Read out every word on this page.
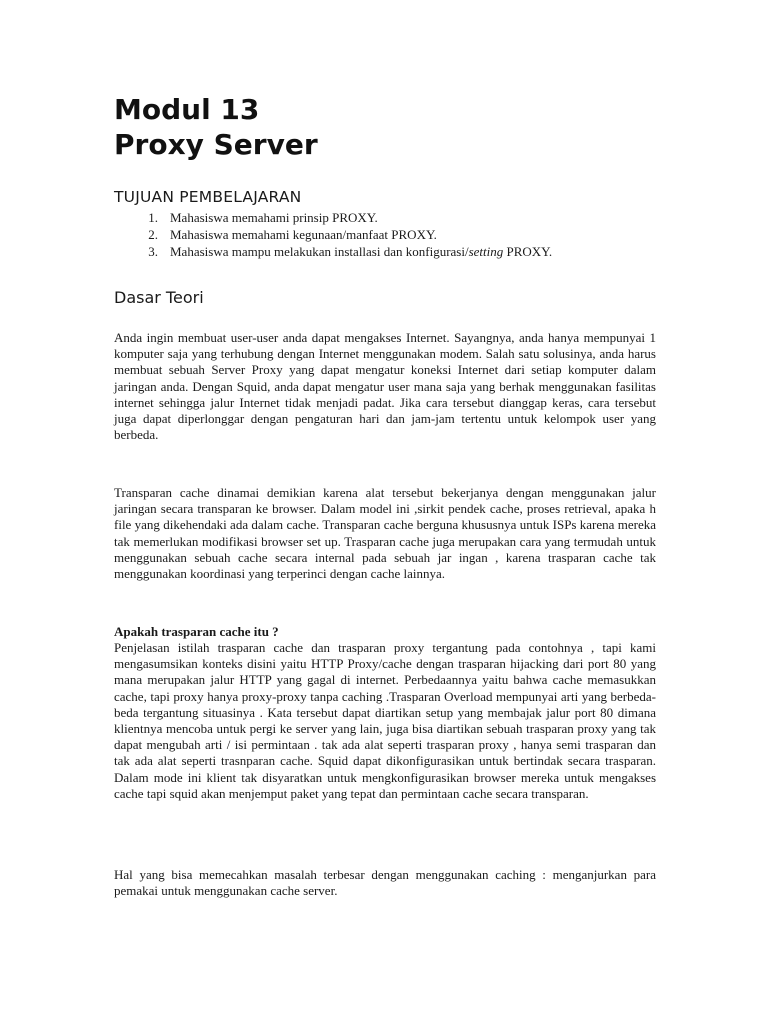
Modul 13
Proxy Server
TUJUAN PEMBELAJARAN
1. Mahasiswa memahami prinsip PROXY.
2. Mahasiswa memahami kegunaan/manfaat PROXY.
3. Mahasiswa mampu melakukan installasi dan konfigurasi/setting PROXY.
Dasar Teori

Anda ingin membuat user-user anda dapat mengakses Internet. Sayangnya, anda hanya mempunyai 1 komputer saja yang terhubung dengan Internet menggunakan modem. Salah satu solusinya, anda harus membuat sebuah Server Proxy yang dapat mengatur koneksi Internet dari setiap komputer dalam jaringan anda. Dengan Squid, anda dapat mengatur user mana saja yang berhak menggunakan fasilitas internet sehingga jalur Internet tidak menjadi padat. Jika cara tersebut dianggap keras, cara tersebut juga dapat diperlonggar dengan pengaturan hari dan jam-jam tertentu untuk kelompok user yang berbeda.

Transparan cache dinamai demikian karena alat tersebut bekerjanya dengan menggunakan jalur jaringan secara transparan ke browser. Dalam model ini ,sirkit pendek cache, proses retrieval, apaka h file yang dikehendaki ada dalam cache. Transparan cache berguna khususnya untuk ISPs karena mereka tak memerlukan modifikasi browser set up. Trasparan cache juga merupakan cara yang termudah untuk menggunakan sebuah cache secara internal pada sebuah jar ingan , karena trasparan cache tak menggunakan koordinasi yang terperinci dengan cache lainnya.

Apakah trasparan cache itu ?

Penjelasan istilah trasparan cache dan trasparan proxy tergantung pada contohnya , tapi kami mengasumsikan konteks disini yaitu HTTP Proxy/cache dengan trasparan hijacking dari port 80 yang mana merupakan jalur HTTP yang gagal di internet. Perbedaannya yaitu bahwa cache memasukkan cache, tapi proxy hanya proxy-proxy tanpa caching .Trasparan Overload mempunyai arti yang berbeda-beda tergantung situasinya . Kata tersebut dapat diartikan setup yang membajak jalur port 80 dimana klientnya mencoba untuk pergi ke server yang lain, juga bisa diartikan sebuah trasparan proxy yang tak dapat mengubah arti / isi permintaan . tak ada alat seperti trasparan proxy , hanya semi trasparan dan tak ada alat seperti trasnparan cache. Squid dapat dikonfigurasikan untuk bertindak secara trasparan. Dalam mode ini klient tak disyaratkan untuk mengkonfigurasikan browser mereka untuk mengakses cache tapi squid akan menjemput paket yang tepat dan permintaan cache secara transparan.

Hal yang bisa memecahkan masalah terbesar dengan menggunakan caching : menganjurkan para pemakai untuk menggunakan cache server.
